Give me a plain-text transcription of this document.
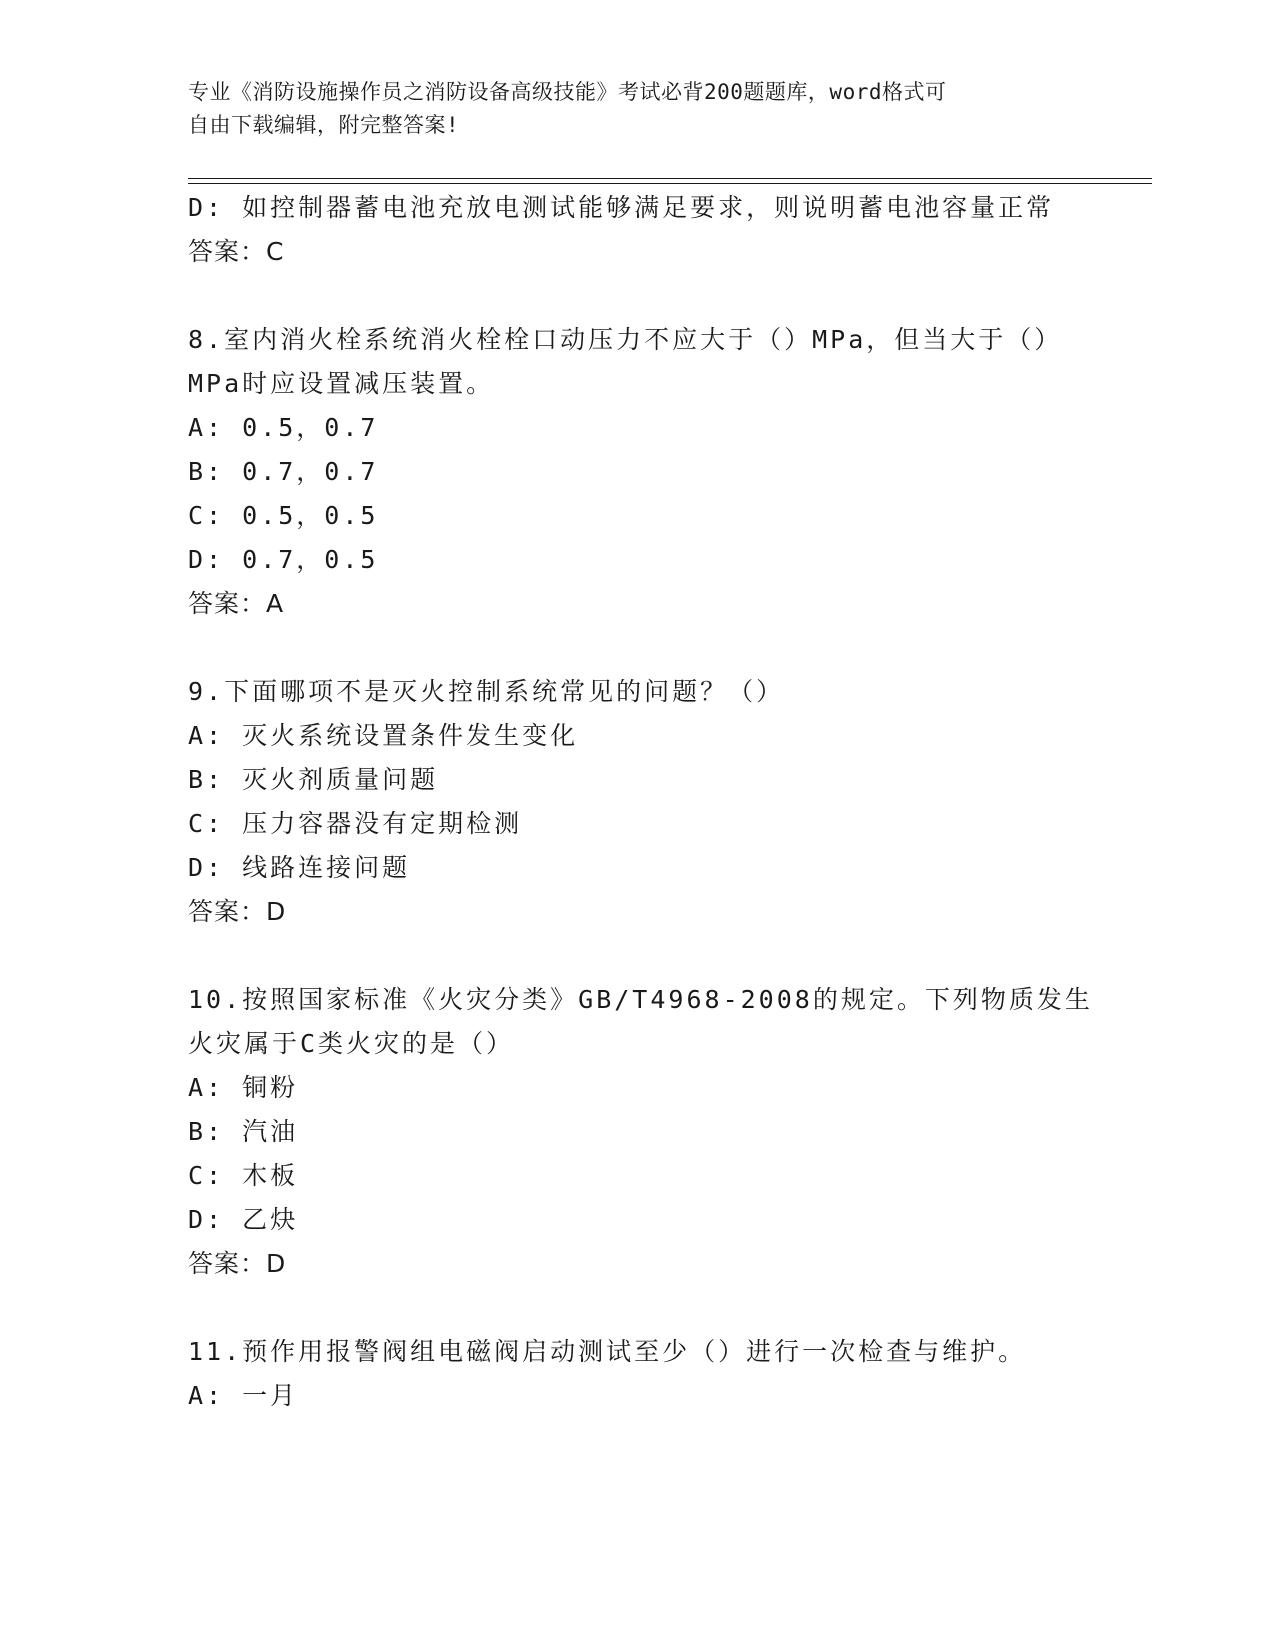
专业《消防设施操作员之消防设备高级技能》考试必背200题题库，word格式可
自由下载编辑，附完整答案!
D: 如控制器蓄电池充放电测试能够满足要求，则说明蓄电池容量正常
答案：C
8.室内消火栓系统消火栓栓口动压力不应大于（）MPa，但当大于（）
MPa时应设置减压装置。
A: 0.5，0.7
B: 0.7，0.7
C: 0.5，0.5
D: 0.7，0.5
答案：A
9.下面哪项不是灭火控制系统常见的问题？（）
A: 灭火系统设置条件发生变化
B: 灭火剂质量问题
C: 压力容器没有定期检测
D: 线路连接问题
答案：D
10.按照国家标准《火灾分类》GB/T4968-2008的规定。下列物质发生
火灾属于C类火灾的是（）
A: 铜粉
B: 汽油
C: 木板
D: 乙炔
答案：D
11.预作用报警阀组电磁阀启动测试至少（）进行一次检查与维护。
A: 一月
